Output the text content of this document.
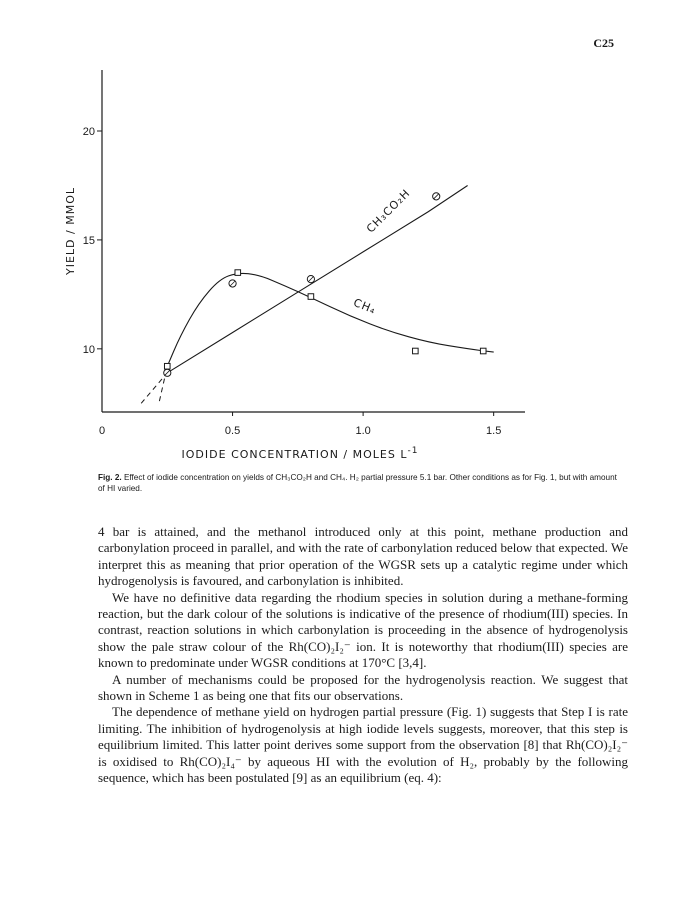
C25
20
15
10
0	0.5	1.0	1.5
YIELD / MMOL
IODIDE CONCENTRATION / MOLES $L^{-1}$
CH₃CO₂H
CH₄
Fig. 2. Effect of iodide concentration on yields of CH₃CO₂H and CH₄. H₂ partial pressure 5.1 bar. Other conditions as for Fig. 1, but with amount of HI varied.

4 bar is attained, and the methanol introduced only at this point, methane production and carbonylation proceed in parallel, and with the rate of carbonylation reduced below that expected. We interpret this as meaning that prior operation of the WGSR sets up a catalytic regime under which hydrogenolysis is favoured, and carbonylation is inhibited.

We have no definitive data regarding the rhodium species in solution during a methane-forming reaction, but the dark colour of the solutions is indicative of the presence of rhodium(III) species. In contrast, reaction solutions in which carbonylation is proceeding in the absence of hydrogenolysis show the pale straw colour of the Rh(CO)₂I₂⁻ ion. It is noteworthy that rhodium(III) species are known to predominate under WGSR conditions at 170°C [3,4].

A number of mechanisms could be proposed for the hydrogenolysis reaction. We suggest that shown in Scheme 1 as being one that fits our observations.

The dependence of methane yield on hydrogen partial pressure (Fig. 1) suggests that Step I is rate limiting. The inhibition of hydrogenolysis at high iodide levels suggests, moreover, that this step is equilibrium limited. This latter point derives some support from the observation [8] that Rh(CO)₂I₂⁻ is oxidised to Rh(CO)₂I₄⁻ by aqueous HI with the evolution of H₂, probably by the following sequence, which has been postulated [9] as an equilibrium (eq. 4):
